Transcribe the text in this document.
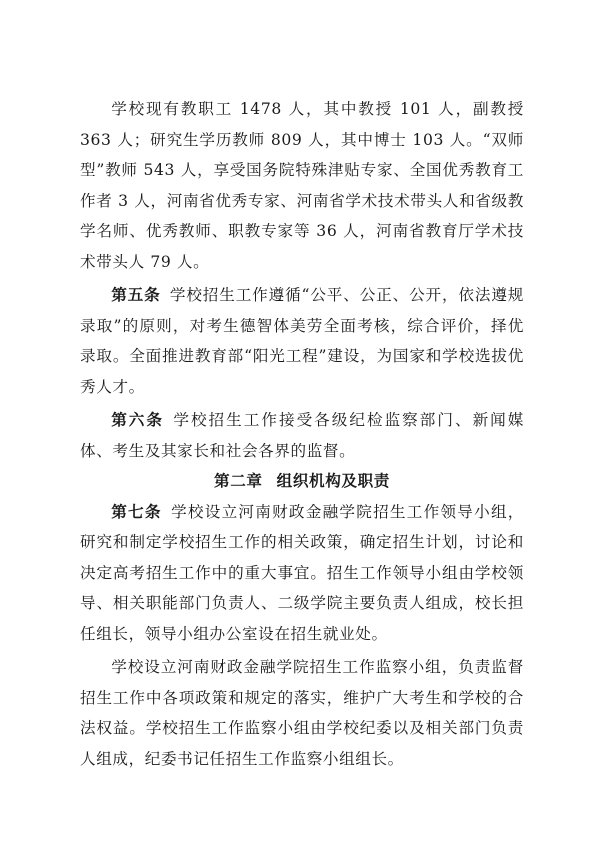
学校现有教职工 1478 人，其中教授 101 人，副教授 363 人；研究生学历教师 809 人，其中博士 103 人。“双师型”教师 543 人，享受国务院特殊津贴专家、全国优秀教育工作者 3 人，河南省优秀专家、河南省学术技术带头人和省级教学名师、优秀教师、职教专家等 36 人，河南省教育厅学术技术带头人 79 人。

第五条 学校招生工作遵循“公平、公正、公开，依法遵规录取”的原则，对考生德智体美劳全面考核，综合评价，择优录取。全面推进教育部“阳光工程”建设，为国家和学校选拔优秀人才。

第六条 学校招生工作接受各级纪检监察部门、新闻媒体、考生及其家长和社会各界的监督。

第二章 组织机构及职责

第七条 学校设立河南财政金融学院招生工作领导小组，研究和制定学校招生工作的相关政策，确定招生计划，讨论和决定高考招生工作中的重大事宜。招生工作领导小组由学校领导、相关职能部门负责人、二级学院主要负责人组成，校长担任组长，领导小组办公室设在招生就业处。

学校设立河南财政金融学院招生工作监察小组，负责监督招生工作中各项政策和规定的落实，维护广大考生和学校的合法权益。学校招生工作监察小组由学校纪委以及相关部门负责人组成，纪委书记任招生工作监察小组组长。
